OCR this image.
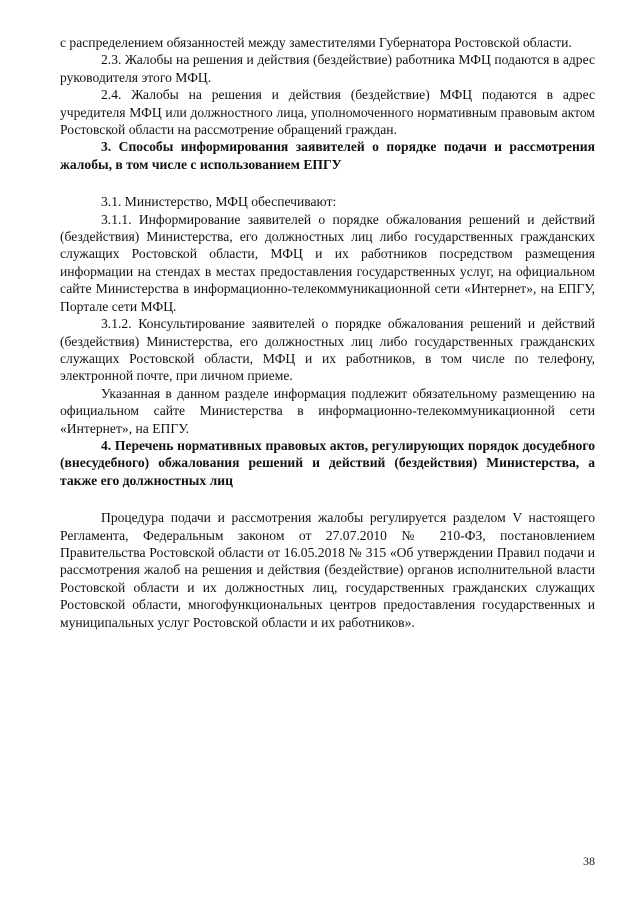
с распределением обязанностей между заместителями Губернатора Ростовской области.

2.3. Жалобы на решения и действия (бездействие) работника МФЦ подаются в адрес руководителя этого МФЦ.

2.4. Жалобы на решения и действия (бездействие) МФЦ подаются в адрес учредителя МФЦ или должностного лица, уполномоченного нормативным правовым актом Ростовской области на рассмотрение обращений граждан.

3. Способы информирования заявителей о порядке подачи и рассмотрения жалобы, в том числе с использованием ЕПГУ

3.1. Министерство, МФЦ обеспечивают:

3.1.1. Информирование заявителей о порядке обжалования решений и действий (бездействия) Министерства, его должностных лиц либо государственных гражданских служащих Ростовской области, МФЦ и их работников посредством размещения информации на стендах в местах предоставления государственных услуг, на официальном сайте Министерства в информационно-телекоммуникационной сети «Интернет», на ЕПГУ, Портале сети МФЦ.

3.1.2. Консультирование заявителей о порядке обжалования решений и действий (бездействия) Министерства, его должностных лиц либо государственных гражданских служащих Ростовской области, МФЦ и их работников, в том числе по телефону, электронной почте, при личном приеме.

Указанная в данном разделе информация подлежит обязательному размещению на официальном сайте Министерства в информационно-телекоммуникационной сети «Интернет», на ЕПГУ.

4. Перечень нормативных правовых актов, регулирующих порядок досудебного (внесудебного) обжалования решений и действий (бездействия) Министерства, а также его должностных лиц

Процедура подачи и рассмотрения жалобы регулируется разделом V настоящего Регламента, Федеральным законом от 27.07.2010 № 210-ФЗ, постановлением Правительства Ростовской области от 16.05.2018 № 315 «Об утверждении Правил подачи и рассмотрения жалоб на решения и действия (бездействие) органов исполнительной власти Ростовской области и их должностных лиц, государственных гражданских служащих Ростовской области, многофункциональных центров предоставления государственных и муниципальных услуг Ростовской области и их работников».

38
